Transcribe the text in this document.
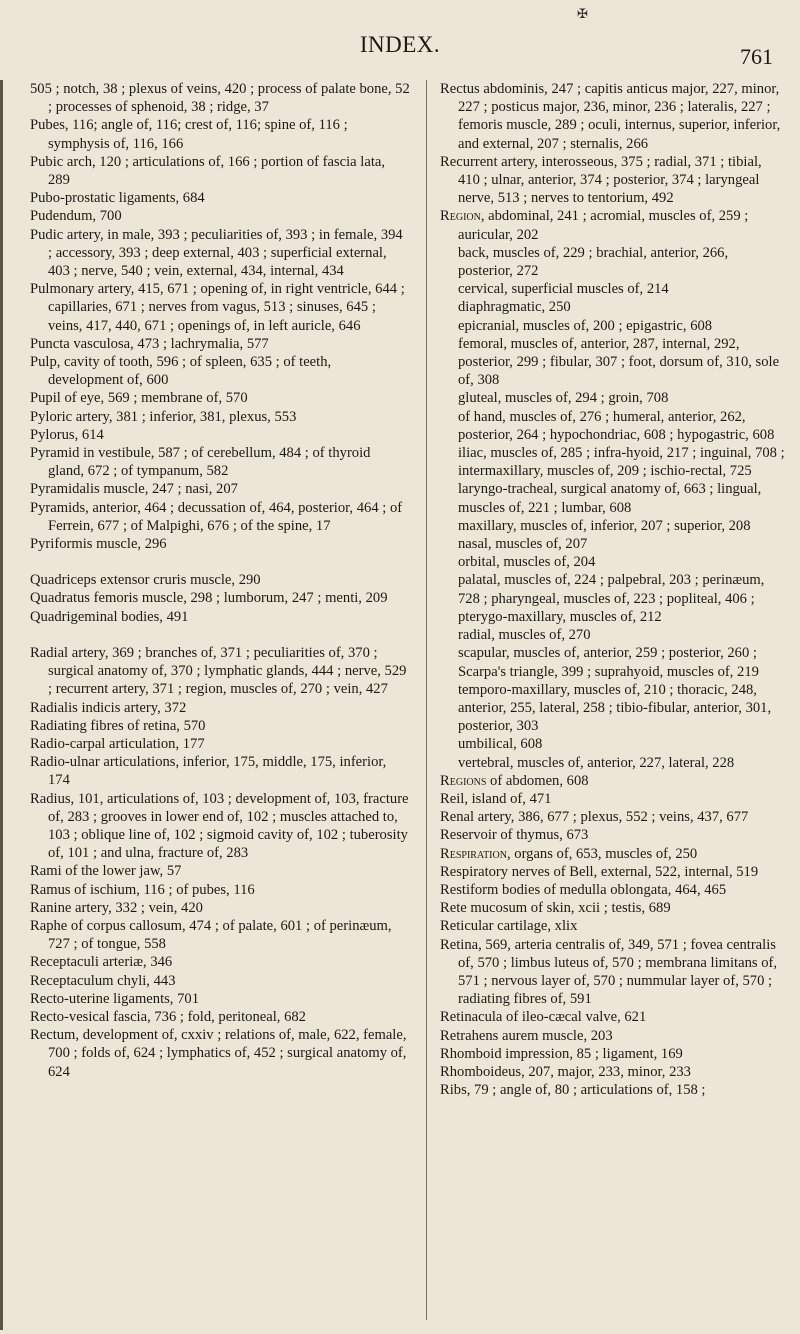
✠
INDEX.	761

505 ; notch, 38 ; plexus of veins, 420 ; process of palate bone, 52 ; processes of sphenoid, 38 ; ridge, 37

Pubes, 116; angle of, 116; crest of, 116; spine of, 116 ; symphysis of, 116, 166

Pubic arch, 120 ; articulations of, 166 ; portion of fascia lata, 289

Pubo-prostatic ligaments, 684

Pudendum, 700

Pudic artery, in male, 393 ; peculiarities of, 393 ; in female, 394 ; accessory, 393 ; deep external, 403 ; superficial external, 403 ; nerve, 540 ; vein, external, 434, internal, 434

Pulmonary artery, 415, 671 ; opening of, in right ventricle, 644 ; capillaries, 671 ; nerves from vagus, 513 ; sinuses, 645 ; veins, 417, 440, 671 ; openings of, in left auricle, 646

Puncta vasculosa, 473 ; lachrymalia, 577

Pulp, cavity of tooth, 596 ; of spleen, 635 ; of teeth, development of, 600

Pupil of eye, 569 ; membrane of, 570

Pyloric artery, 381 ; inferior, 381, plexus, 553

Pylorus, 614

Pyramid in vestibule, 587 ; of cerebellum, 484 ; of thyroid gland, 672 ; of tympanum, 582

Pyramidalis muscle, 247 ; nasi, 207

Pyramids, anterior, 464 ; decussation of, 464, posterior, 464 ; of Ferrein, 677 ; of Malpighi, 676 ; of the spine, 17

Pyriformis muscle, 296

Quadriceps extensor cruris muscle, 290

Quadratus femoris muscle, 298 ; lumborum, 247 ; menti, 209

Quadrigeminal bodies, 491

Radial artery, 369 ; branches of, 371 ; peculiarities of, 370 ; surgical anatomy of, 370 ; lymphatic glands, 444 ; nerve, 529 ; recurrent artery, 371 ; region, muscles of, 270 ; vein, 427

Radialis indicis artery, 372

Radiating fibres of retina, 570

Radio-carpal articulation, 177

Radio-ulnar articulations, inferior, 175, middle, 175, inferior, 174

Radius, 101, articulations of, 103 ; development of, 103, fracture of, 283 ; grooves in lower end of, 102 ; muscles attached to, 103 ; oblique line of, 102 ; sigmoid cavity of, 102 ; tuberosity of, 101 ; and ulna, fracture of, 283

Rami of the lower jaw, 57

Ramus of ischium, 116 ; of pubes, 116

Ranine artery, 332 ; vein, 420

Raphe of corpus callosum, 474 ; of palate, 601 ; of perinæum, 727 ; of tongue, 558

Receptaculi arteriæ, 346

Receptaculum chyli, 443

Recto-uterine ligaments, 701

Recto-vesical fascia, 736 ; fold, peritoneal, 682

Rectum, development of, cxxiv ; relations of, male, 622, female, 700 ; folds of, 624 ; lymphatics of, 452 ; surgical anatomy of, 624

Rectus abdominis, 247 ; capitis anticus major, 227, minor, 227 ; posticus major, 236, minor, 236 ; lateralis, 227 ; femoris muscle, 289 ; oculi, internus, superior, inferior, and external, 207 ; sternalis, 266

Recurrent artery, interosseous, 375 ; radial, 371 ; tibial, 410 ; ulnar, anterior, 374 ; posterior, 374 ; laryngeal nerve, 513 ; nerves to tentorium, 492

Region, abdominal, 241 ; acromial, muscles of, 259 ; auricular, 202

back, muscles of, 229 ; brachial, anterior, 266, posterior, 272

cervical, superficial muscles of, 214

diaphragmatic, 250

epicranial, muscles of, 200 ; epigastric, 608

femoral, muscles of, anterior, 287, internal, 292, posterior, 299 ; fibular, 307 ; foot, dorsum of, 310, sole of, 308

gluteal, muscles of, 294 ; groin, 708

of hand, muscles of, 276 ; humeral, anterior, 262, posterior, 264 ; hypochondriac, 608 ; hypogastric, 608

iliac, muscles of, 285 ; infra-hyoid, 217 ; inguinal, 708 ; intermaxillary, muscles of, 209 ; ischio-rectal, 725

laryngo-tracheal, surgical anatomy of, 663 ; lingual, muscles of, 221 ; lumbar, 608

maxillary, muscles of, inferior, 207 ; superior, 208

nasal, muscles of, 207

orbital, muscles of, 204

palatal, muscles of, 224 ; palpebral, 203 ; perinæum, 728 ; pharyngeal, muscles of, 223 ; popliteal, 406 ; pterygo-maxillary, muscles of, 212

radial, muscles of, 270

scapular, muscles of, anterior, 259 ; posterior, 260 ; Scarpa's triangle, 399 ; suprahyoid, muscles of, 219

temporo-maxillary, muscles of, 210 ; thoracic, 248, anterior, 255, lateral, 258 ; tibio-fibular, anterior, 301, posterior, 303

umbilical, 608

vertebral, muscles of, anterior, 227, lateral, 228

Regions of abdomen, 608

Reil, island of, 471

Renal artery, 386, 677 ; plexus, 552 ; veins, 437, 677

Reservoir of thymus, 673

Respiration, organs of, 653, muscles of, 250

Respiratory nerves of Bell, external, 522, internal, 519

Restiform bodies of medulla oblongata, 464, 465

Rete mucosum of skin, xcii ; testis, 689

Reticular cartilage, xlix

Retina, 569, arteria centralis of, 349, 571 ; fovea centralis of, 570 ; limbus luteus of, 570 ; membrana limitans of, 571 ; nervous layer of, 570 ; nummular layer of, 570 ; radiating fibres of, 591

Retinacula of ileo-cæcal valve, 621

Retrahens aurem muscle, 203

Rhomboid impression, 85 ; ligament, 169

Rhomboideus, 207, major, 233, minor, 233

Ribs, 79 ; angle of, 80 ; articulations of, 158 ;
